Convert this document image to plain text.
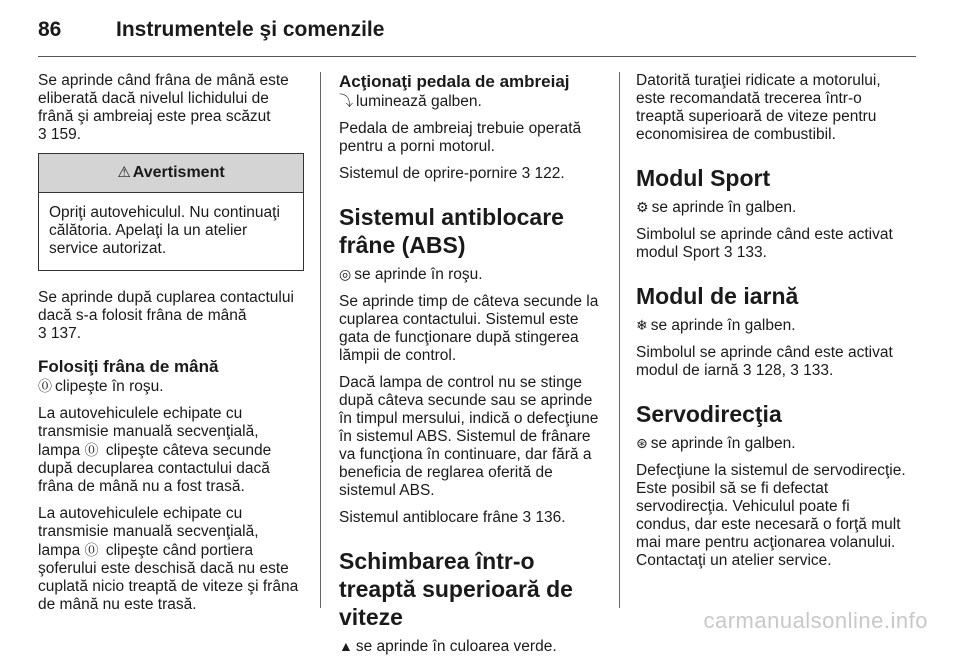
86	Instrumentele şi comenzile

Se aprinde când frâna de mână este eliberată dacă nivelul lichidului de frână şi ambreiaj este prea scăzut
3 159.

⚠ Avertisment
Opriţi autovehiculul. Nu continuaţi călătoria. Apelaţi la un atelier service autorizat.

Se aprinde după cuplarea contactului dacă s-a folosit frâna de mână
3 137.

Folosiţi frâna de mână

⓪ clipeşte în roşu.

La autovehiculele echipate cu transmisie manuală secvenţială, lampa ⓪ clipeşte câteva secunde după decuplarea contactului dacă frâna de mână nu a fost trasă.

La autovehiculele echipate cu transmisie manuală secvenţială, lampa ⓪ clipeşte când portiera şoferului este deschisă dacă nu este cuplată nicio treaptă de viteze şi frâna de mână nu este trasă.

Acţionaţi pedala de ambreiaj

⤵ luminează galben.

Pedala de ambreiaj trebuie operată pentru a porni motorul.

Sistemul de oprire-pornire 3 122.

Sistemul antiblocare frâne (ABS)

◎ se aprinde în roşu.

Se aprinde timp de câteva secunde la cuplarea contactului. Sistemul este gata de funcţionare după stingerea lămpii de control.

Dacă lampa de control nu se stinge după câteva secunde sau se aprinde în timpul mersului, indică o defecţiune în sistemul ABS. Sistemul de frânare va funcţiona în continuare, dar fără a beneficia de reglarea oferită de sistemul ABS.

Sistemul antiblocare frâne 3 136.

Schimbarea într-o treaptă superioară de viteze

▲ se aprinde în culoarea verde.

Datorită turaţiei ridicate a motorului, este recomandată trecerea într-o treaptă superioară de viteze pentru economisirea de combustibil.

Modul Sport

⚙ se aprinde în galben.

Simbolul se aprinde când este activat modul Sport 3 133.

Modul de iarnă

❄ se aprinde în galben.

Simbolul se aprinde când este activat modul de iarnă 3 128, 3 133.

Servodirecţia

⊛ se aprinde în galben.

Defecţiune la sistemul de servodirecţie. Este posibil să se fi defectat servodirecţia. Vehiculul poate fi condus, dar este necesară o forţă mult mai mare pentru acţionarea volanului. Contactaţi un atelier service.

carmanualsonline.info
